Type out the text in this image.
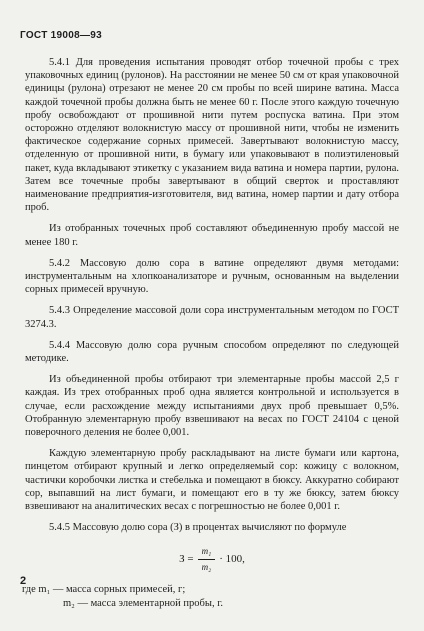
ГОСТ 19008—93

5.4.1 Для проведения испытания проводят отбор точечной пробы с трех упаковочных единиц (рулонов). На расстоянии не менее 50 см от края упаковочной единицы (рулона) отрезают не менее 20 см пробы по всей ширине ватина. Масса каждой точечной пробы должна быть не менее 60 г. После этого каждую точечную пробу освобождают от прошивной нити путем роспуска ватина. При этом осторожно отделяют волокнистую массу от прошивной нити, чтобы не изменить фактическое содержание сорных примесей. Завертывают волокнистую массу, отделенную от прошивной нити, в бумагу или упаковывают в полиэтиленовый пакет, куда вкладывают этикетку с указанием вида ватина и номера партии, рулона. Затем все точечные пробы завертывают в общий сверток и проставляют наименование предприятия-изготовителя, вид ватина, номер партии и дату отбора проб.

Из отобранных точечных проб составляют объединенную пробу массой не менее 180 г.

5.4.2 Массовую долю сора в ватине определяют двумя методами: инструментальным на хлопкоанализаторе и ручным, основанным на выделении сорных примесей вручную.

5.4.3 Определение массовой доли сора инструментальным методом по ГОСТ 3274.3.

5.4.4 Массовую долю сора ручным способом определяют по следующей методике.

Из объединенной пробы отбирают три элементарные пробы массой 2,5 г каждая. Из трех отобранных проб одна является контрольной и используется в случае, если расхождение между испытаниями двух проб превышает 0,5%. Отобранную элементарную пробу взвешивают на весах по ГОСТ 24104 с ценой поверочного деления не более 0,001.

Каждую элементарную пробу раскладывают на листе бумаги или картона, пинцетом отбирают крупный и легко определяемый сор: кожицу с волокном, частички коробочки листка и стебелька и помещают в бюксу. Аккуратно собирают сор, выпавший на лист бумаги, и помещают его в ту же бюксу, затем бюксу взвешивают на аналитических весах с погрешностью не более 0,001 г.

5.4.5 Массовую долю сора (З) в процентах вычисляют по формуле

$З = \frac{\text{m₁}}{\text{m₂}} \cdot 100$,
где m₁ — масса сорных примесей, г;
m₂ — масса элементарной пробы, г.
2
